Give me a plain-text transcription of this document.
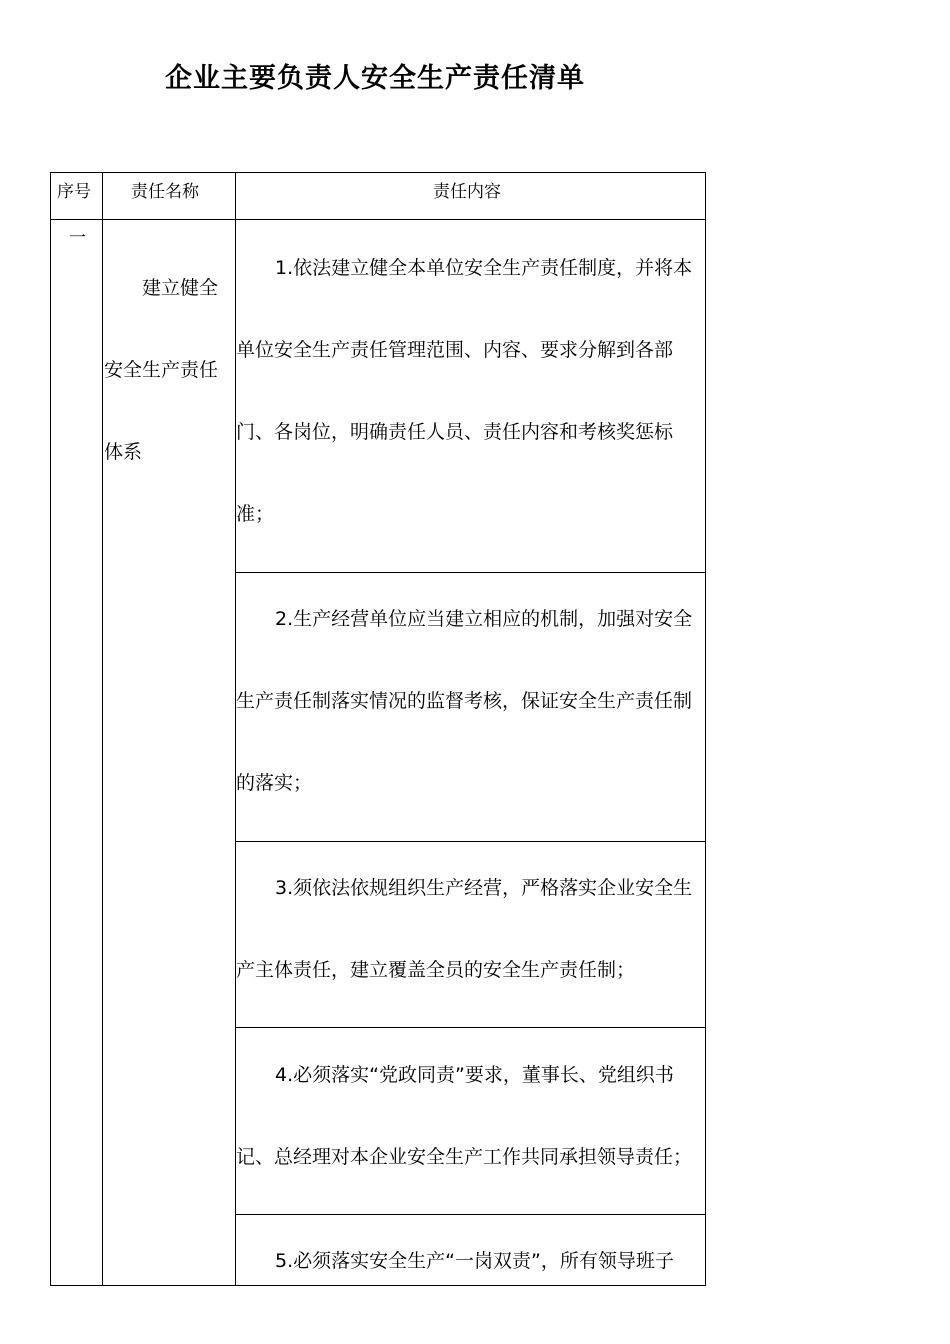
企业主要负责人安全生产责任清单
序号 责任名称	责任内容
一
建立健全
安全生产责任
体系
1.依法建立健全本单位安全生产责任制度，并将本
单位安全生产责任管理范围、内容、要求分解到各部
门、各岗位，明确责任人员、责任内容和考核奖惩标
准；
2.生产经营单位应当建立相应的机制，加强对安全
生产责任制落实情况的监督考核，保证安全生产责任制
的落实；
3.须依法依规组织生产经营，严格落实企业安全生
产主体责任，建立覆盖全员的安全生产责任制；
4.必须落实“党政同责”要求，董事长、党组织书
记、总经理对本企业安全生产工作共同承担领导责任；
5.必须落实安全生产“一岗双责”，所有领导班子
